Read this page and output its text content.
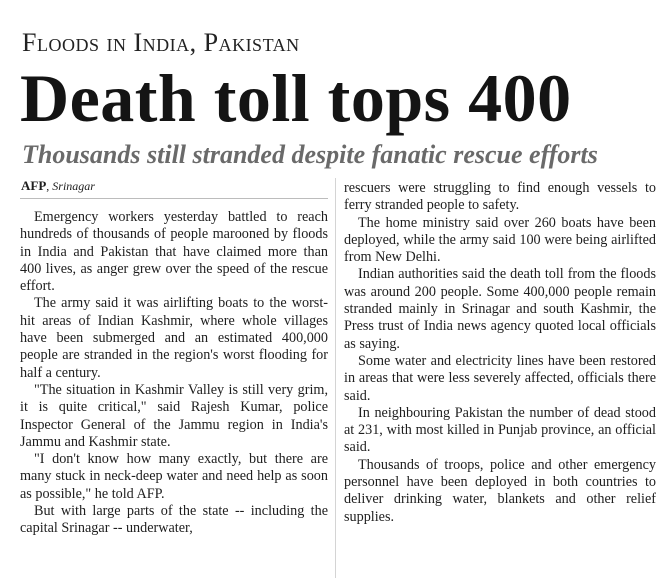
Floods in India, Pakistan
Death toll tops 400
Thousands still stranded despite fanatic rescue efforts
AFP, Srinagar

Emergency workers yesterday battled to reach hundreds of thousands of people marooned by floods in India and Pakistan that have claimed more than 400 lives, as anger grew over the speed of the rescue effort.

The army said it was airlifting boats to the worst-hit areas of Indian Kashmir, where whole villages have been submerged and an estimated 400,000 people are stranded in the region's worst flooding for half a century.

"The situation in Kashmir Valley is still very grim, it is quite critical," said Rajesh Kumar, police Inspector General of the Jammu region in India's Jammu and Kashmir state.

"I don't know how many exactly, but there are many stuck in neck-deep water and need help as soon as possible," he told AFP.

But with large parts of the state -- including the capital Srinagar -- underwater,

rescuers were struggling to find enough vessels to ferry stranded people to safety.

The home ministry said over 260 boats have been deployed, while the army said 100 were being airlifted from New Delhi.

Indian authorities said the death toll from the floods was around 200 people. Some 400,000 people remain stranded mainly in Srinagar and south Kashmir, the Press trust of India news agency quoted local officials as saying.

Some water and electricity lines have been restored in areas that were less severely affected, officials there said.

In neighbouring Pakistan the number of dead stood at 231, with most killed in Punjab province, an official said.

Thousands of troops, police and other emergency personnel have been deployed in both countries to deliver drinking water, blankets and other relief supplies.
